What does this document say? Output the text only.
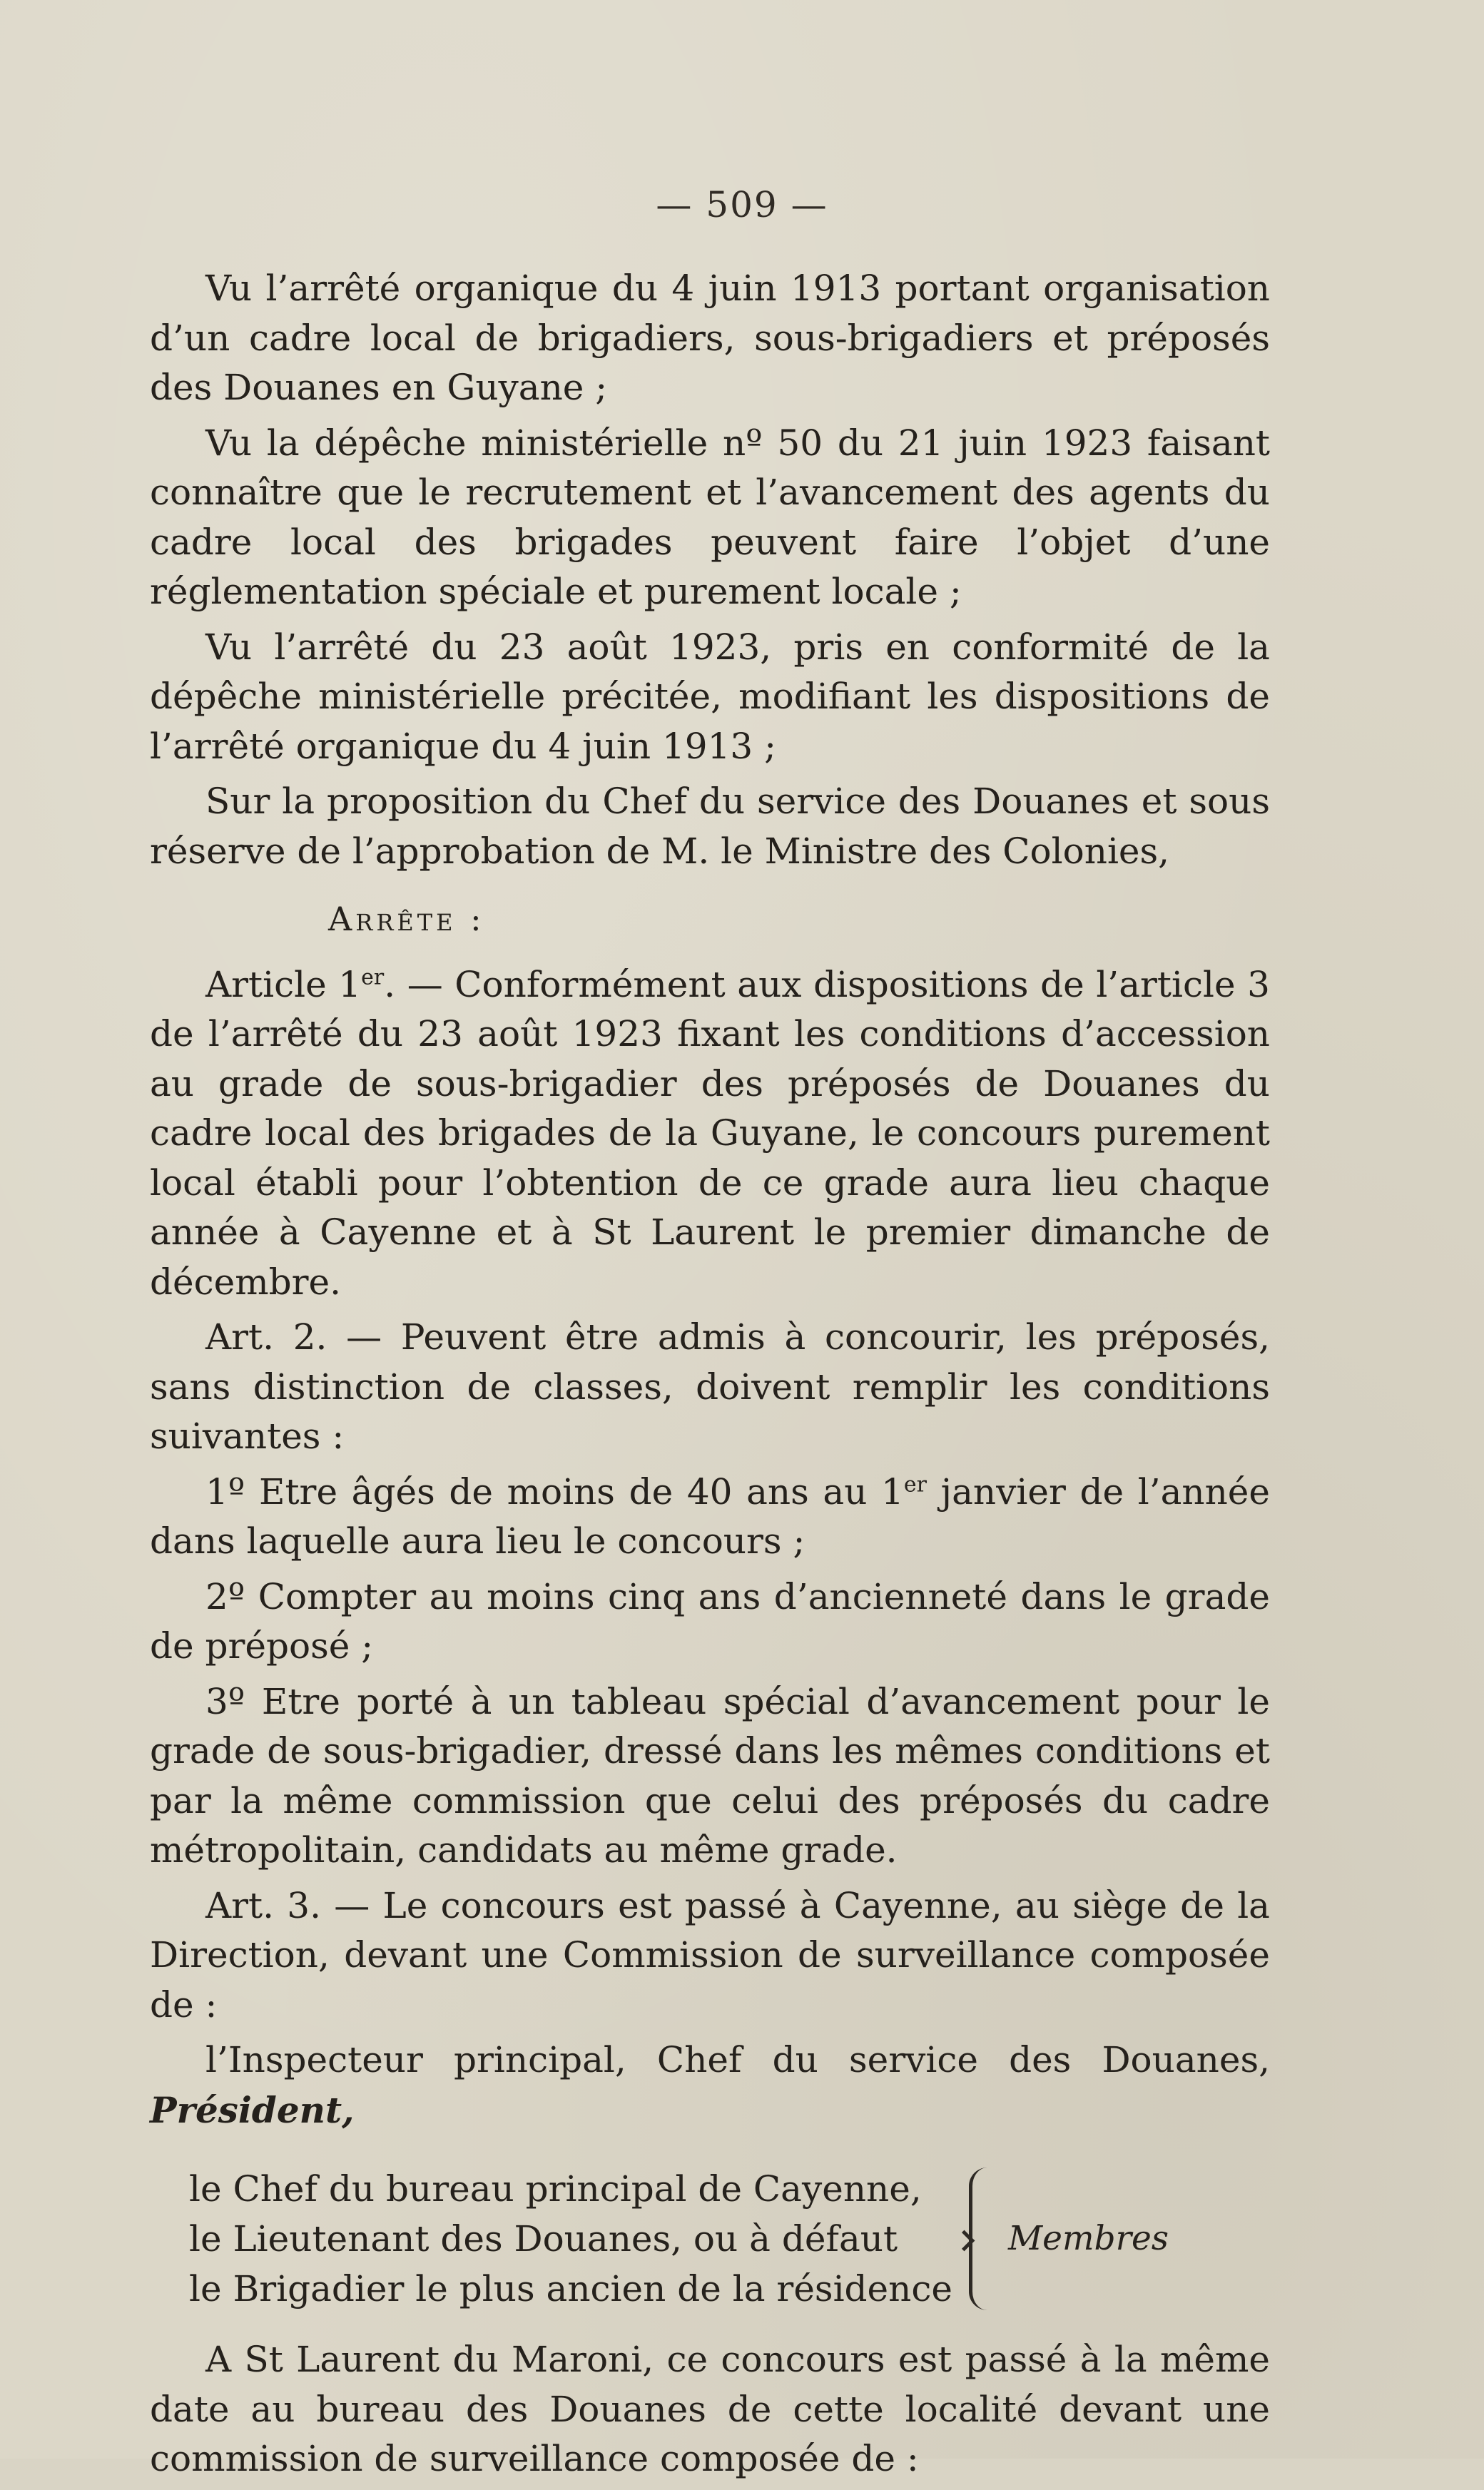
— 509 —

Vu l’arrêté organique du 4 juin 1913 portant organisation d’un cadre local de brigadiers, sous-brigadiers et préposés des Douanes en Guyane ;

Vu la dépêche ministérielle nº 50 du 21 juin 1923 faisant connaître que le recrutement et l’avancement des agents du cadre local des brigades peuvent faire l’objet d’une réglementation spéciale et purement locale ;

Vu l’arrêté du 23 août 1923, pris en conformité de la dépêche ministérielle précitée, modifiant les dispositions de l’arrêté organique du 4 juin 1913 ;

Sur la proposition du Chef du service des Douanes et sous réserve de l’approbation de M. le Ministre des Colonies,

Arrête :

Article 1er. — Conformément aux dispositions de l’article 3 de l’arrêté du 23 août 1923 fixant les conditions d’accession au grade de sous-brigadier des préposés de Douanes du cadre local des brigades de la Guyane, le concours purement local établi pour l’obtention de ce grade aura lieu chaque année à Cayenne et à St Laurent le premier dimanche de décembre.

Art. 2. — Peuvent être admis à concourir, les préposés, sans distinction de classes, doivent remplir les conditions suivantes :

1º Etre âgés de moins de 40 ans au 1er janvier de l’année dans laquelle aura lieu le concours ;

2º Compter au moins cinq ans d’ancienneté dans le grade de préposé ;

3º Etre porté à un tableau spécial d’avancement pour le grade de sous-brigadier, dressé dans les mêmes conditions et par la même commission que celui des préposés du cadre métropolitain, candidats au même grade.

Art. 3. — Le concours est passé à Cayenne, au siège de la Direction, devant une Commission de surveillance composée de :

l’Inspecteur principal, Chef du service des Douanes, Président,

le Chef du bureau principal de Cayenne,
le Lieutenant des Douanes, ou à défaut
le Brigadier le plus ancien de la résidence
Membres

A St Laurent du Maroni, ce concours est passé à la même date au bureau des Douanes de cette localité devant une commission de surveillance composée de :
